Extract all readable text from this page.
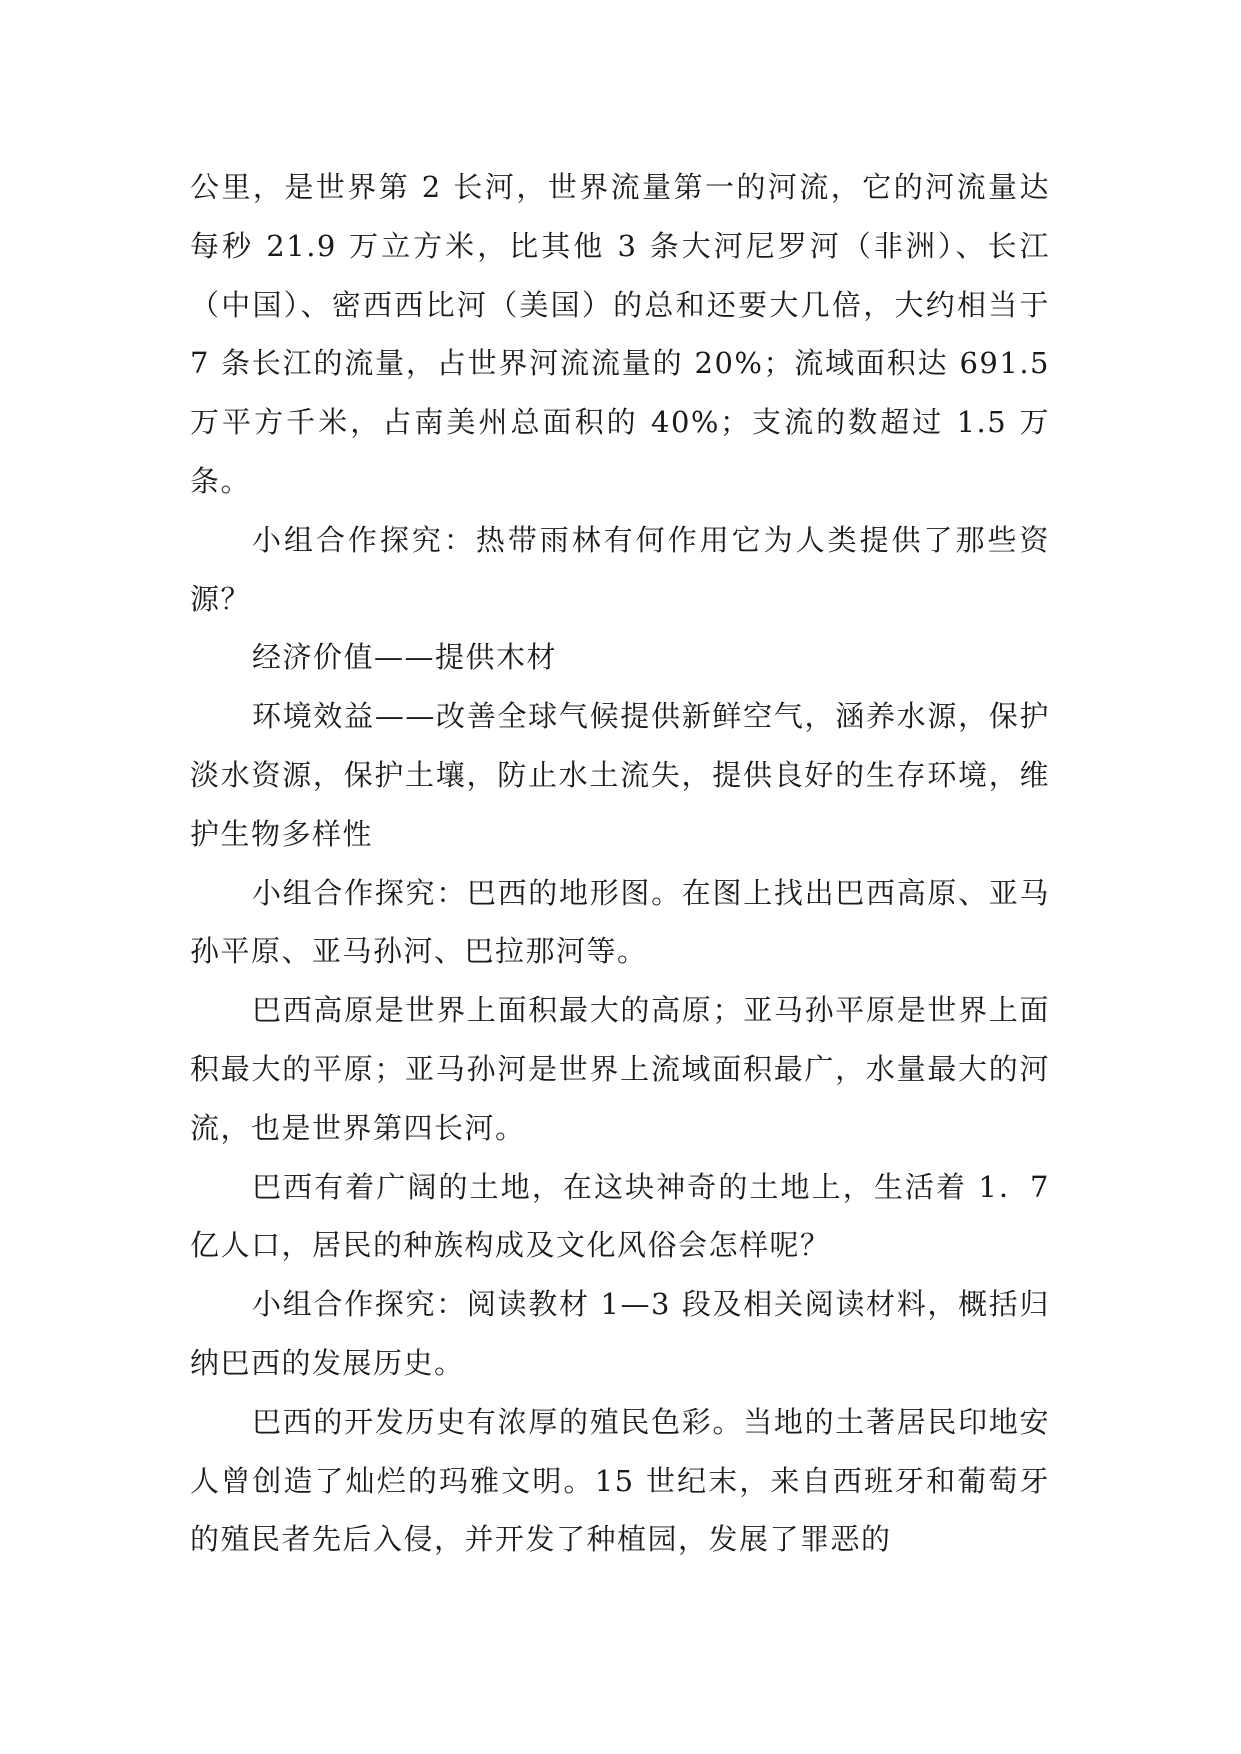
公里，是世界第 2 长河，世界流量第一的河流，它的河流量达每秒 21.9 万立方米，比其他 3 条大河尼罗河（非洲）、长江（中国）、密西西比河（美国）的总和还要大几倍，大约相当于 7 条长江的流量，占世界河流流量的 20%；流域面积达 691.5 万平方千米，占南美州总面积的 40%；支流的数超过 1.5 万条。

小组合作探究：热带雨林有何作用它为人类提供了那些资源？

经济价值——提供木材

环境效益——改善全球气候提供新鲜空气，涵养水源，保护淡水资源，保护土壤，防止水土流失，提供良好的生存环境，维护生物多样性

小组合作探究：巴西的地形图。在图上找出巴西高原、亚马孙平原、亚马孙河、巴拉那河等。

巴西高原是世界上面积最大的高原；亚马孙平原是世界上面积最大的平原；亚马孙河是世界上流域面积最广，水量最大的河流，也是世界第四长河。

巴西有着广阔的土地，在这块神奇的土地上，生活着 1．7 亿人口，居民的种族构成及文化风俗会怎样呢？

小组合作探究：阅读教材 1—3 段及相关阅读材料，概括归纳巴西的发展历史。

巴西的开发历史有浓厚的殖民色彩。当地的土著居民印地安人曾创造了灿烂的玛雅文明。15 世纪末，来自西班牙和葡萄牙的殖民者先后入侵，并开发了种植园，发展了罪恶的
